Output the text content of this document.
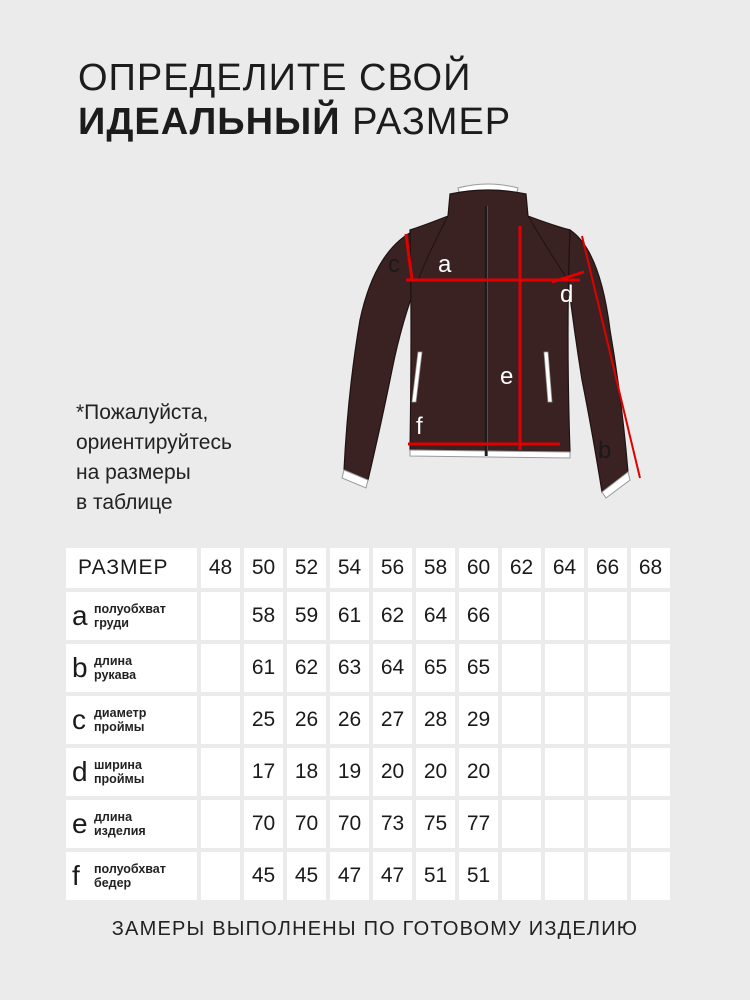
ОПРЕДЕЛИТЕ СВОЙ
ИДЕАЛЬНЫЙ РАЗМЕР
*Пожалуйста,
ориентируйтесь
на размеры
в таблице
a
c
d
e
f
b
РАЗМЕР	48	50	52	54	56	58	60	62	64	66	68
a полуобхват
груди		58	59	61	62	64	66				
b длина
рукава		61	62	63	64	65	65				
c диаметр
проймы		25	26	26	27	28	29				
d ширина
проймы		17	18	19	20	20	20				
e длина
изделия		70	70	70	73	75	77				
f полуобхват
бедер		45	45	47	47	51	51				
ЗАМЕРЫ ВЫПОЛНЕНЫ ПО ГОТОВОМУ ИЗДЕЛИЮ
